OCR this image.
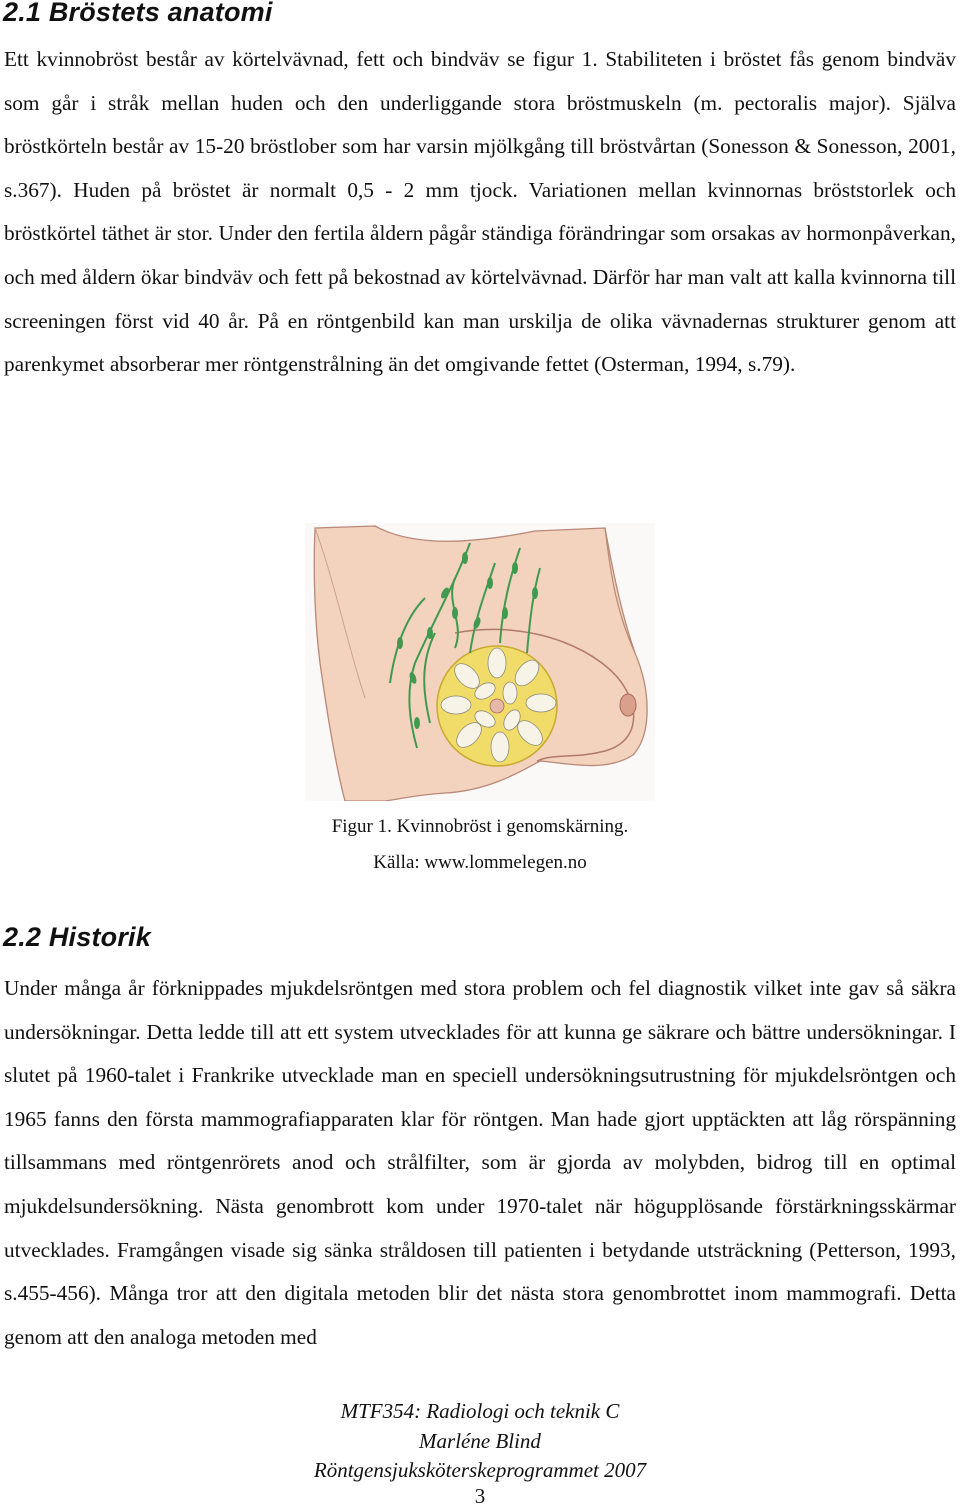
2.1 Bröstets anatomi

Ett kvinnobröst består av körtelvävnad, fett och bindväv se figur 1. Stabiliteten i bröstet fås genom bindväv som går i stråk mellan huden och den underliggande stora bröstmuskeln (m. pectoralis major). Själva bröstkörteln består av 15-20 bröstlober som har varsin mjölkgång till bröstvårtan (Sonesson & Sonesson, 2001, s.367). Huden på bröstet är normalt 0,5 - 2 mm tjock. Variationen mellan kvinnornas bröststorlek och bröstkörtel täthet är stor. Under den fertila åldern pågår ständiga förändringar som orsakas av hormonpåverkan, och med åldern ökar bindväv och fett på bekostnad av körtelvävnad. Därför har man valt att kalla kvinnorna till screeningen först vid 40 år. På en röntgenbild kan man urskilja de olika vävnadernas strukturer genom att parenkymet absorberar mer röntgenstrålning än det omgivande fettet (Osterman, 1994, s.79).

Figur 1. Kvinnobröst i genomskärning.

Källa: www.lommelegen.no

2.2 Historik

Under många år förknippades mjukdelsröntgen med stora problem och fel diagnostik vilket inte gav så säkra undersökningar. Detta ledde till att ett system utvecklades för att kunna ge säkrare och bättre undersökningar. I slutet på 1960-talet i Frankrike utvecklade man en speciell undersökningsutrustning för mjukdelsröntgen och 1965 fanns den första mammografiapparaten klar för röntgen. Man hade gjort upptäckten att låg rörspänning tillsammans med röntgenrörets anod och strålfilter, som är gjorda av molybden, bidrog till en optimal mjukdelsundersökning. Nästa genombrott kom under 1970-talet när högupplösande förstärkningsskärmar utvecklades. Framgången visade sig sänka stråldosen till patienten i betydande utsträckning (Petterson, 1993, s.455-456). Många tror att den digitala metoden blir det nästa stora genombrottet inom mammografi. Detta genom att den analoga metoden med

MTF354: Radiologi och teknik C

Marléne Blind

Röntgensjuksköterskeprogrammet 2007

3
